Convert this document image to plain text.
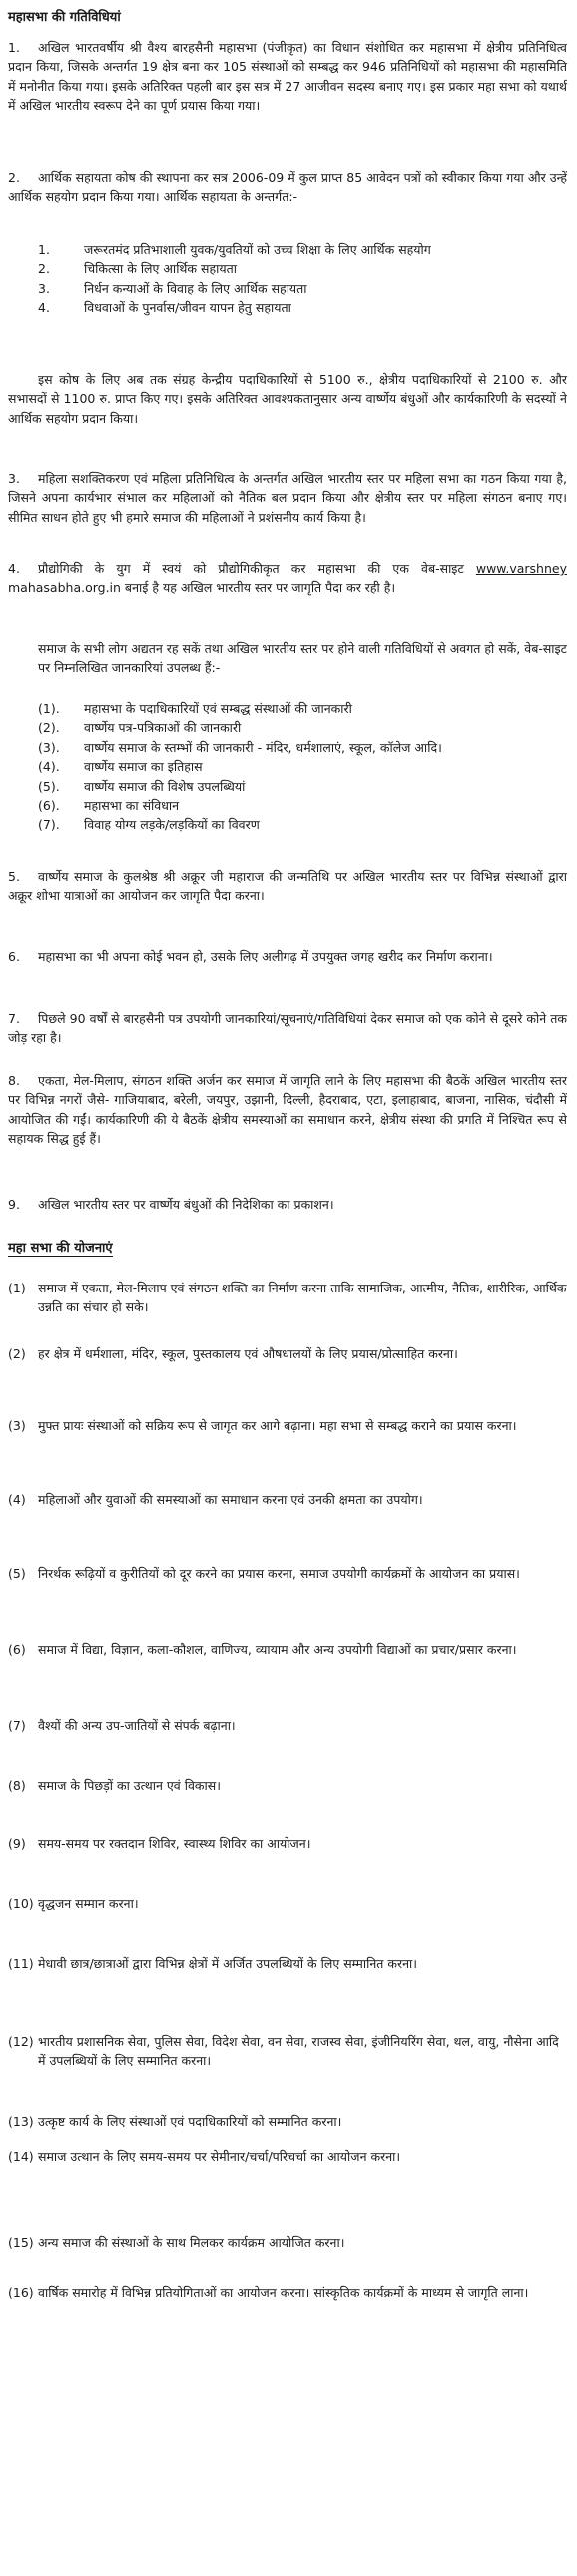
महासभा की गतिविधियां

1. अखिल भारतवर्षीय श्री वैश्य बारहसैनी महासभा (पंजीकृत) का विधान संशोधित कर महासभा में क्षेत्रीय प्रतिनिधित्व प्रदान किया, जिसके अन्तर्गत 19 क्षेत्र बना कर 105 संस्थाओं को सम्बद्ध कर 946 प्रतिनिधियों को महासभा की महासमिति में मनोनीत किया गया। इसके अतिरिक्त पहली बार इस सत्र में 27 आजीवन सदस्य बनाए गए। इस प्रकार महा सभा को यथार्थ में अखिल भारतीय स्वरूप देने का पूर्ण प्रयास किया गया।

2. आर्थिक सहायता कोष की स्थापना कर सत्र 2006-09 में कुल प्राप्त 85 आवेदन पत्रों को स्वीकार किया गया और उन्हें आर्थिक सहयोग प्रदान किया गया। आर्थिक सहायता के अन्तर्गत:-

1.	जरूरतमंद प्रतिभाशाली युवक/युवतियों को उच्च शिक्षा के लिए आर्थिक सहयोग
2.	चिकित्सा के लिए आर्थिक सहायता
3.	निर्धन कन्याओं के विवाह के लिए आर्थिक सहायता
4.	विधवाओं के पुनर्वास/जीवन यापन हेतु सहायता

इस कोष के लिए अब तक संग्रह केन्द्रीय पदाधिकारियों से 5100 रु., क्षेत्रीय पदाधिकारियों से 2100 रु. और सभासदों से 1100 रु. प्राप्त किए गए। इसके अतिरिक्त आवश्यकतानुसार अन्य वार्ष्णेय बंधुओं और कार्यकारिणी के सदस्यों ने आर्थिक सहयोग प्रदान किया।

3. महिला सशक्तिकरण एवं महिला प्रतिनिधित्व के अन्तर्गत अखिल भारतीय स्तर पर महिला सभा का गठन किया गया है, जिसने अपना कार्यभार संभाल कर महिलाओं को नैतिक बल प्रदान किया और क्षेत्रीय स्तर पर महिला संगठन बनाए गए। सीमित साधन होते हुए भी हमारे समाज की महिलाओं ने प्रशंसनीय कार्य किया है।

4. प्रौद्योगिकी के युग में स्वयं को प्रौद्योगिकीकृत कर महासभा की एक वेब-साइट www.varshney mahasabha.org.in बनाई है यह अखिल भारतीय स्तर पर जागृति पैदा कर रही है।

समाज के सभी लोग अद्यतन रह सकें तथा अखिल भारतीय स्तर पर होने वाली गतिविधियों से अवगत हो सकें, वेब-साइट पर निम्नलिखित जानकारियां उपलब्ध हैं:-

(1).	महासभा के पदाधिकारियों एवं सम्बद्ध संस्थाओं की जानकारी
(2).	वार्ष्णेय पत्र-पत्रिकाओं की जानकारी
(3).	वार्ष्णेय समाज के स्तम्भों की जानकारी - मंदिर, धर्मशालाएं, स्कूल, कॉलेज आदि।
(4).	वार्ष्णेय समाज का इतिहास
(5).	वार्ष्णेय समाज की विशेष उपलब्धियां
(6).	महासभा का संविधान
(7).	विवाह योग्य लड़के/लड़कियों का विवरण

5. वार्ष्णेय समाज के कुलश्रेष्ठ श्री अक्रूर जी महाराज की जन्मतिथि पर अखिल भारतीय स्तर पर विभिन्न संस्थाओं द्वारा अक्रूर शोभा यात्राओं का आयोजन कर जागृति पैदा करना।

6. महासभा का भी अपना कोई भवन हो, उसके लिए अलीगढ़ में उपयुक्त जगह खरीद कर निर्माण कराना।

7. पिछले 90 वर्षों से बारहसैनी पत्र उपयोगी जानकारियां/सूचनाएं/गतिविधियां देकर समाज को एक कोने से दूसरे कोने तक जोड़ रहा है।

8. एकता, मेल-मिलाप, संगठन शक्ति अर्जन कर समाज में जागृति लाने के लिए महासभा की बैठकें अखिल भारतीय स्तर पर विभिन्न नगरों जैसे- गाजियाबाद, बरेली, जयपुर, उझानी, दिल्ली, हैदराबाद, एटा, इलाहाबाद, बाजना, नासिक, चंदौसी में आयोजित की गईं। कार्यकारिणी की ये बैठकें क्षेत्रीय समस्याओं का समाधान करने, क्षेत्रीय संस्था की प्रगति में निश्चित रूप से सहायक सिद्ध हुई हैं।

9. अखिल भारतीय स्तर पर वार्ष्णेय बंधुओं की निदेशिका का प्रकाशन।

महा सभा की योजनाएं
(1) समाज में एकता, मेल-मिलाप एवं संगठन शक्ति का निर्माण करना ताकि सामाजिक, आत्मीय, नैतिक, शारीरिक, आर्थिक उन्नति का संचार हो सके।
(2) हर क्षेत्र में धर्मशाला, मंदिर, स्कूल, पुस्तकालय एवं औषधालयों के लिए प्रयास/प्रोत्साहित करना।
(3) मुफ्त प्रायः संस्थाओं को सक्रिय रूप से जागृत कर आगे बढ़ाना। महा सभा से सम्बद्ध कराने का प्रयास करना।
(4) महिलाओं और युवाओं की समस्याओं का समाधान करना एवं उनकी क्षमता का उपयोग।
(5) निरर्थक रूढ़ियों व कुरीतियों को दूर करने का प्रयास करना, समाज उपयोगी कार्यक्रमों के आयोजन का प्रयास।
(6) समाज में विद्या, विज्ञान, कला-कौशल, वाणिज्य, व्यायाम और अन्य उपयोगी विद्याओं का प्रचार/प्रसार करना।
(7) वैश्यों की अन्य उप-जातियों से संपर्क बढ़ाना।
(8) समाज के पिछड़ों का उत्थान एवं विकास।
(9) समय-समय पर रक्तदान शिविर, स्वास्थ्य शिविर का आयोजन।
(10) वृद्धजन सम्मान करना।
(11) मेधावी छात्र/छात्राओं द्वारा विभिन्न क्षेत्रों में अर्जित उपलब्धियों के लिए सम्मानित करना।
(12) भारतीय प्रशासनिक सेवा, पुलिस सेवा, विदेश सेवा, वन सेवा, राजस्व सेवा, इंजीनियरिंग सेवा, थल, वायु, नौसेना आदि में उपलब्धियों के लिए सम्मानित करना।
(13) उत्कृष्ट कार्य के लिए संस्थाओं एवं पदाधिकारियों को सम्मानित करना।
(14) समाज उत्थान के लिए समय-समय पर सेमीनार/चर्चा/परिचर्चा का आयोजन करना।
(15) अन्य समाज की संस्थाओं के साथ मिलकर कार्यक्रम आयोजित करना।
(16) वार्षिक समारोह में विभिन्न प्रतियोगिताओं का आयोजन करना। सांस्कृतिक कार्यक्रमों के माध्यम से जागृति लाना।
